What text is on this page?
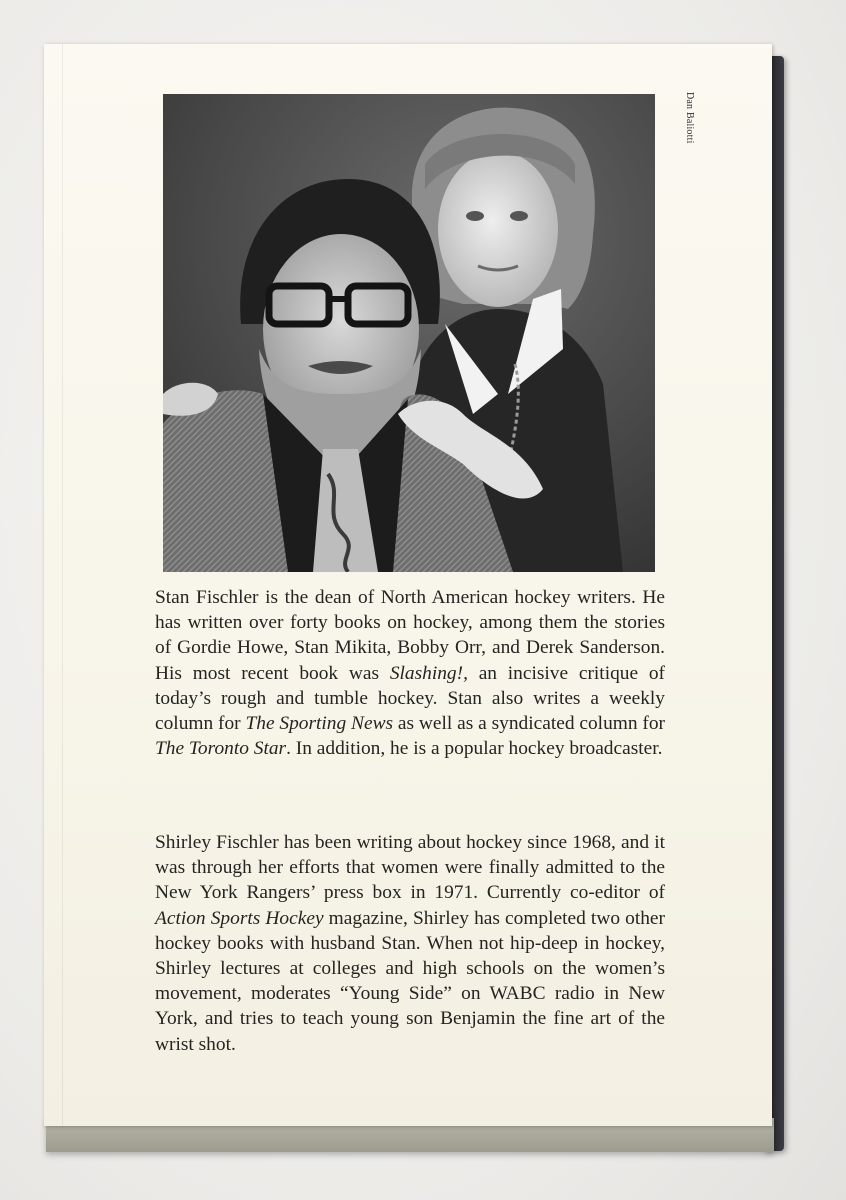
Dan Baliotti

Stan Fischler is the dean of North American hockey writers. He has written over forty books on hockey, among them the stories of Gordie Howe, Stan Mikita, Bobby Orr, and Derek Sanderson. His most recent book was Slashing!, an incisive critique of today’s rough and tumble hockey. Stan also writes a weekly column for The Sporting News as well as a syndicated column for The Toronto Star. In addition, he is a popular hockey broadcaster.

Shirley Fischler has been writing about hockey since 1968, and it was through her efforts that women were finally admitted to the New York Rangers’ press box in 1971. Currently co-editor of Action Sports Hockey magazine, Shirley has completed two other hockey books with husband Stan. When not hip-deep in hockey, Shirley lectures at colleges and high schools on the women’s movement, moderates “Young Side” on WABC radio in New York, and tries to teach young son Benjamin the fine art of the wrist shot.
